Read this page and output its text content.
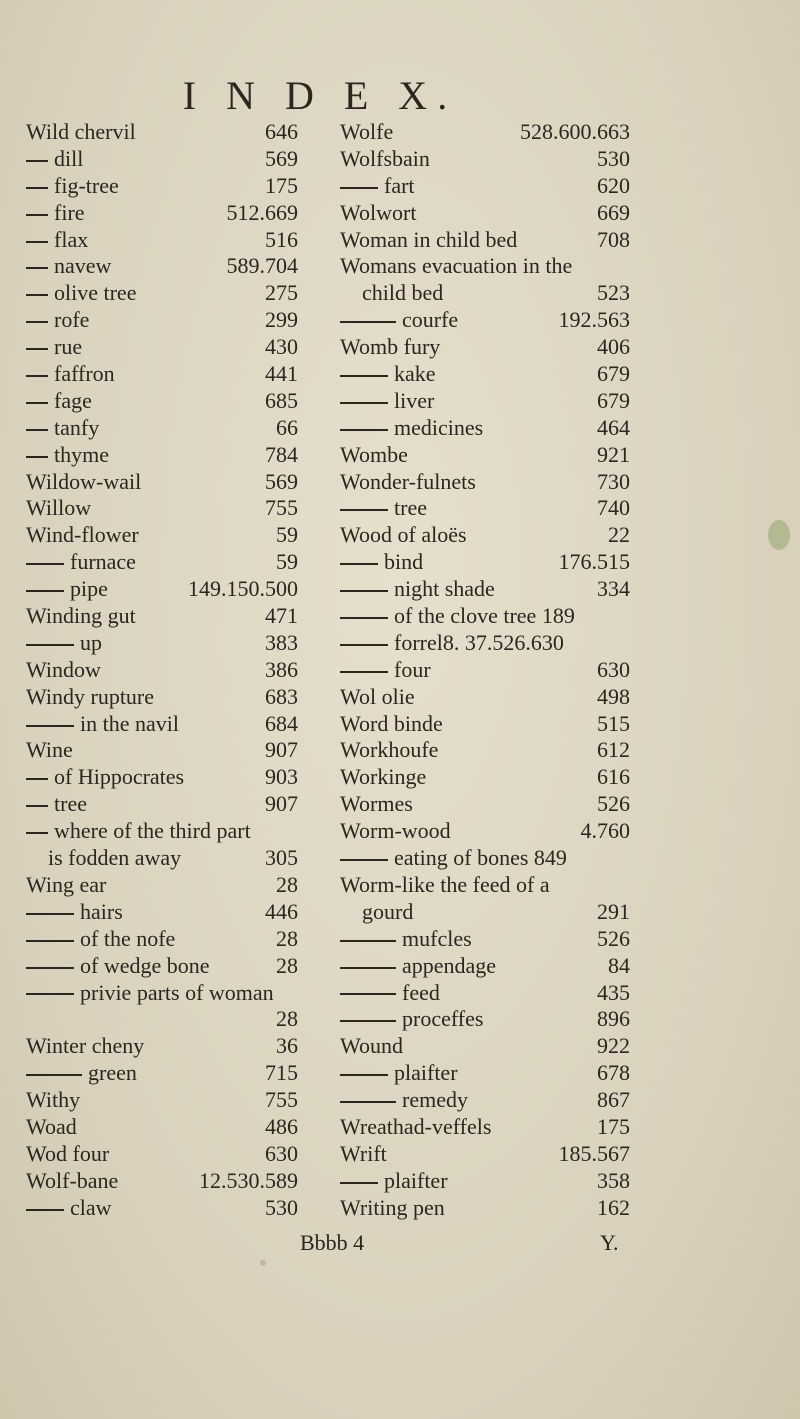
I N D E X.
Wild chervil	646
dill	569
fig-tree	175
fire	512.669
flax	516
navew	589.704
olive tree	275
rofe	299
rue	430
faffron	441
fage	685
tanfy	66
thyme	784
Wildow-wail	569
Willow	755
Wind-flower	59
furnace	59
pipe	149.150.500
Winding gut	471
up	383
Window	386
Windy rupture	683
in the navil	684
Wine	907
of Hippocrates	903
tree	907
where of the third part
is fodden away	305
Wing ear	28
hairs	446
of the nofe	28
of wedge bone	28
privie parts of woman
28
Winter cheny	36
green	715
Withy	755
Woad	486
Wod four	630
Wolf-bane	12.530.589
claw	530
Wolfe	528.600.663
Wolfsbain	530
fart	620
Wolwort	669
Woman in child bed	708
Womans evacuation in the
child bed	523
courfe	192.563
Womb fury	406
kake	679
liver	679
medicines	464
Wombe	921
Wonder-fulnets	730
tree	740
Wood of aloës	22
bind	176.515
night shade	334
of the clove tree 189
forrel8. 37.526.630
four	630
Wol olie	498
Word binde	515
Workhoufe	612
Workinge	616
Wormes	526
Worm-wood	4.760
eating of bones 849
Worm-like the feed of a
gourd	291
mufcles	526
appendage	84
feed	435
proceffes	896
Wound	922
plaifter	678
remedy	867
Wreathad-veffels	175
Wrift	185.567
plaifter	358
Writing pen	162
Bbbb 4	Y.
